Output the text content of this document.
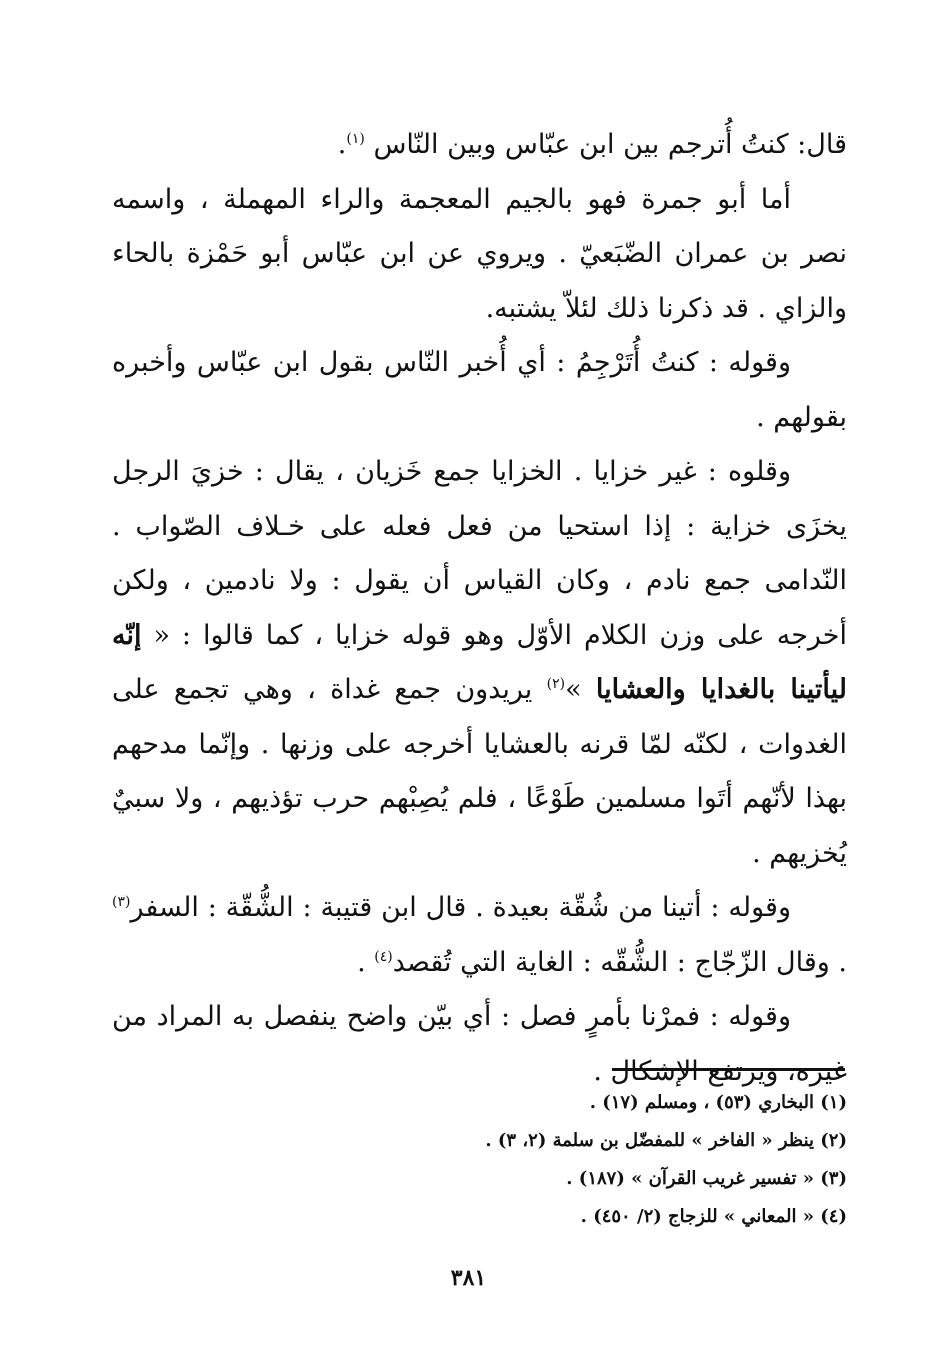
قال: كنتُ أُترجم بين ابن عبّاس وبين النّاس $^{(١)}$.

أما أبو جمرة فهو بالجيم المعجمة والراء المهملة ، واسمه نصر بن عمران الضّبَعيّ . ويروي عن ابن عبّاس أبو حَمْزة بالحاء والزاي . قد ذكرنا ذلك لئلاّ يشتبه.

وقوله : كنتُ أُتَرْجِمُ : أي أُخبر النّاس بقول ابن عبّاس وأخبره بقولهم .

وقلوه : غير خزايا . الخزايا جمع خَزيان ، يقال : خزيَ الرجل يخزَى خزاية : إذا استحيا من فعل فعله على خـلاف الصّواب . النّدامى جمع نادم ، وكان القياس أن يقول : ولا نادمين ، ولكن أخرجه على وزن الكلام الأوّل وهو قوله خزايا ، كما قالوا : « إنّه ليأتينا بالغدايا والعشايا »$^{(٢)}$ يريدون جمع غداة ، وهي تجمع على الغدوات ، لكنّه لمّا قرنه بالعشايا أخرجه على وزنها . وإنّما مدحهم بهذا لأنّهم أتَوا مسلمين طَوْعًا ، فلم يُصِبْهم حرب تؤذيهم ، ولا سبيٌ يُخزيهم .

وقوله : أتينا من شُقّة بعيدة . قال ابن قتيبة : الشُّقّة : السفر$^{(٣)}$ . وقال الزّجّاج : الشُّقّه : الغاية التي تُقصد$^{(٤)}$ .

وقوله : فمرْنا بأمرٍ فصل : أي بيّن واضح ينفصل به المراد من غيره، ويرتفع الإشكال .

(١) البخاري (٥٣) ، ومسلم (١٧) .

(٢) ينظر « الفاخر » للمفضّل بن سلمة (٢، ٣) .

(٣) « تفسير غريب القرآن » (١٨٧) .

(٤) « المعاني » للزجاج (٢/ ٤٥٠) .

٣٨١
